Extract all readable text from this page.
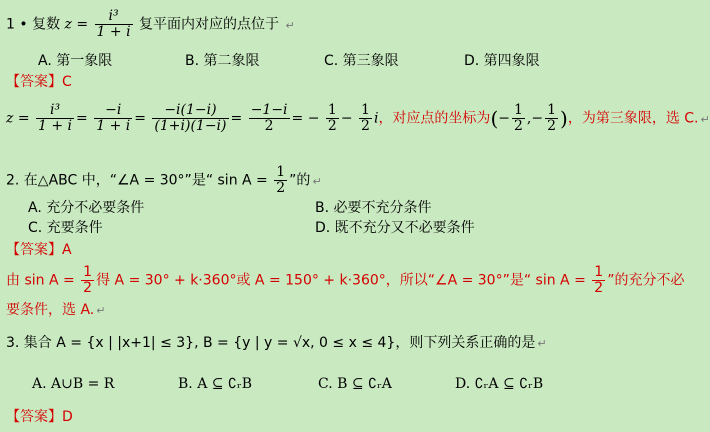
1 • 复数 $z = \frac{\text{i³}}{1 + i}$ 复平面内对应的点位于 ↵
A. 第一象限	B. 第二象限	C. 第三象限	D. 第四象限
【答案】C
$z = \frac{\text{i³}}{1 + i} = \frac{-i}{1 + i} = \frac{-i(1-i)}{(1+i)(1-i)} = \frac{-1-i}{2}$ = − $\frac{1}{2} - \frac{1}{2}$ i，对应点的坐标为(− $\frac{1}{2}$ ,− $\frac{1}{2}$ )，为第三象限，选 C. ↵
2. 在△ABC 中，“∠A = 30°”是“ $\sin A = \frac{1}{2}$ ”的 ↵
A. 充分不必要条件	B. 必要不充分条件
C. 充要条件	D. 既不充分又不必要条件
【答案】A
由 $\sin A = \frac{1}{2}$ 得 A = 30° + k·360°或 A = 150° + k·360°，所以“∠A = 30°”是“ $\sin A = \frac{1}{2}$ ”的充分不必
要条件，选 A. ↵
3. 集合 A = {x | |x+1| ≤ 3}, B = {y | y = √x, 0 ≤ x ≤ 4}，则下列关系正确的是 ↵
A. A∪B = R	B. A ⊆ ∁ᵣB	C. B ⊆ ∁ᵣA	D. ∁ᵣA ⊆ ∁ᵣB
【答案】D
